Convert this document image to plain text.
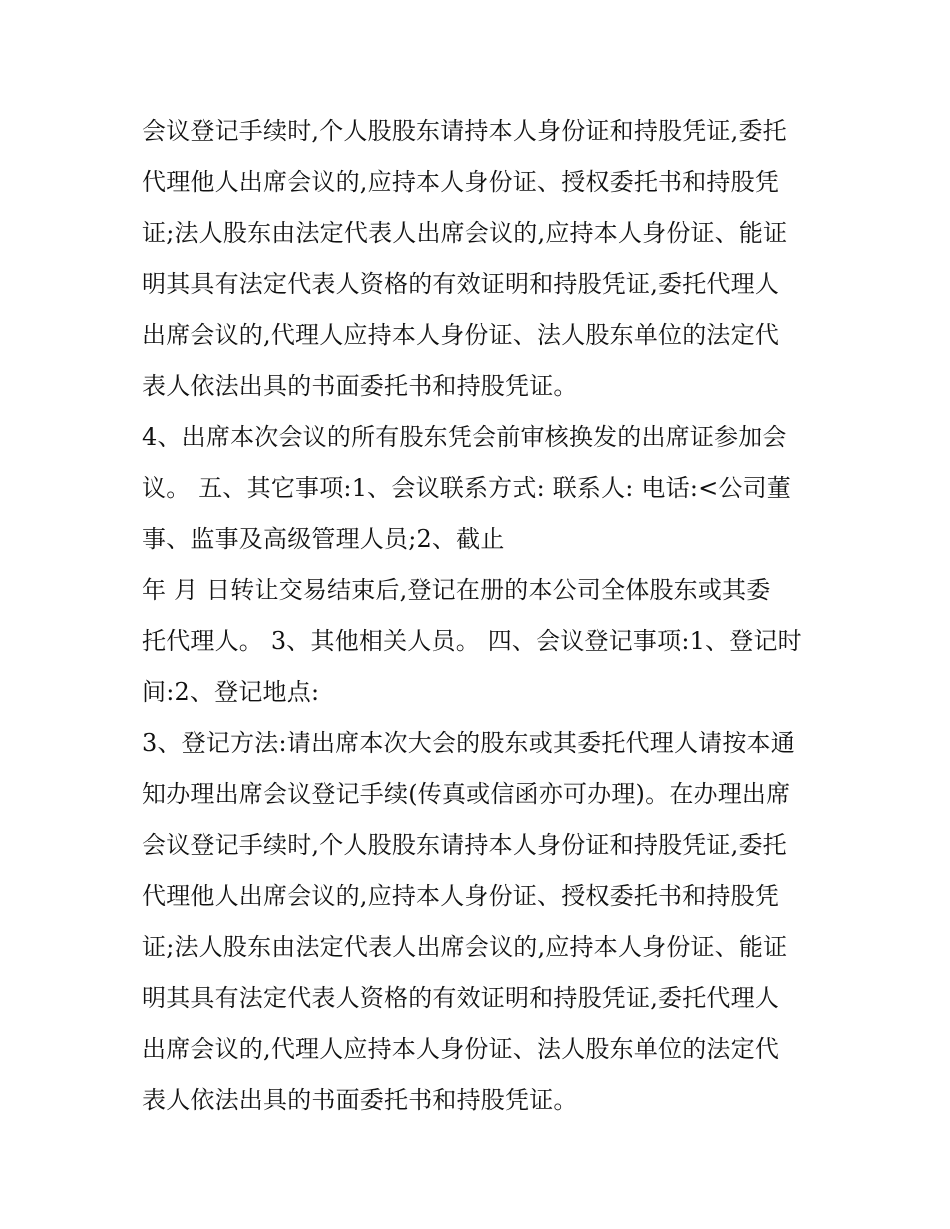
会议登记手续时,个人股股东请持本人身份证和持股凭证,委托
代理他人出席会议的,应持本人身份证、授权委托书和持股凭
证;法人股东由法定代表人出席会议的,应持本人身份证、能证
明其具有法定代表人资格的有效证明和持股凭证,委托代理人
出席会议的,代理人应持本人身份证、法人股东单位的法定代
表人依法出具的书面委托书和持股凭证。
4、出席本次会议的所有股东凭会前审核换发的出席证参加会
议。 五、其它事项:1、会议联系方式: 联系人: 电话:<公司董
事、监事及高级管理人员;2、截止
年 月 日转让交易结束后,登记在册的本公司全体股东或其委
托代理人。 3、其他相关人员。 四、会议登记事项:1、登记时
间:2、登记地点:
3、登记方法:请出席本次大会的股东或其委托代理人请按本通
知办理出席会议登记手续(传真或信函亦可办理)。在办理出席
会议登记手续时,个人股股东请持本人身份证和持股凭证,委托
代理他人出席会议的,应持本人身份证、授权委托书和持股凭
证;法人股东由法定代表人出席会议的,应持本人身份证、能证
明其具有法定代表人资格的有效证明和持股凭证,委托代理人
出席会议的,代理人应持本人身份证、法人股东单位的法定代
表人依法出具的书面委托书和持股凭证。
